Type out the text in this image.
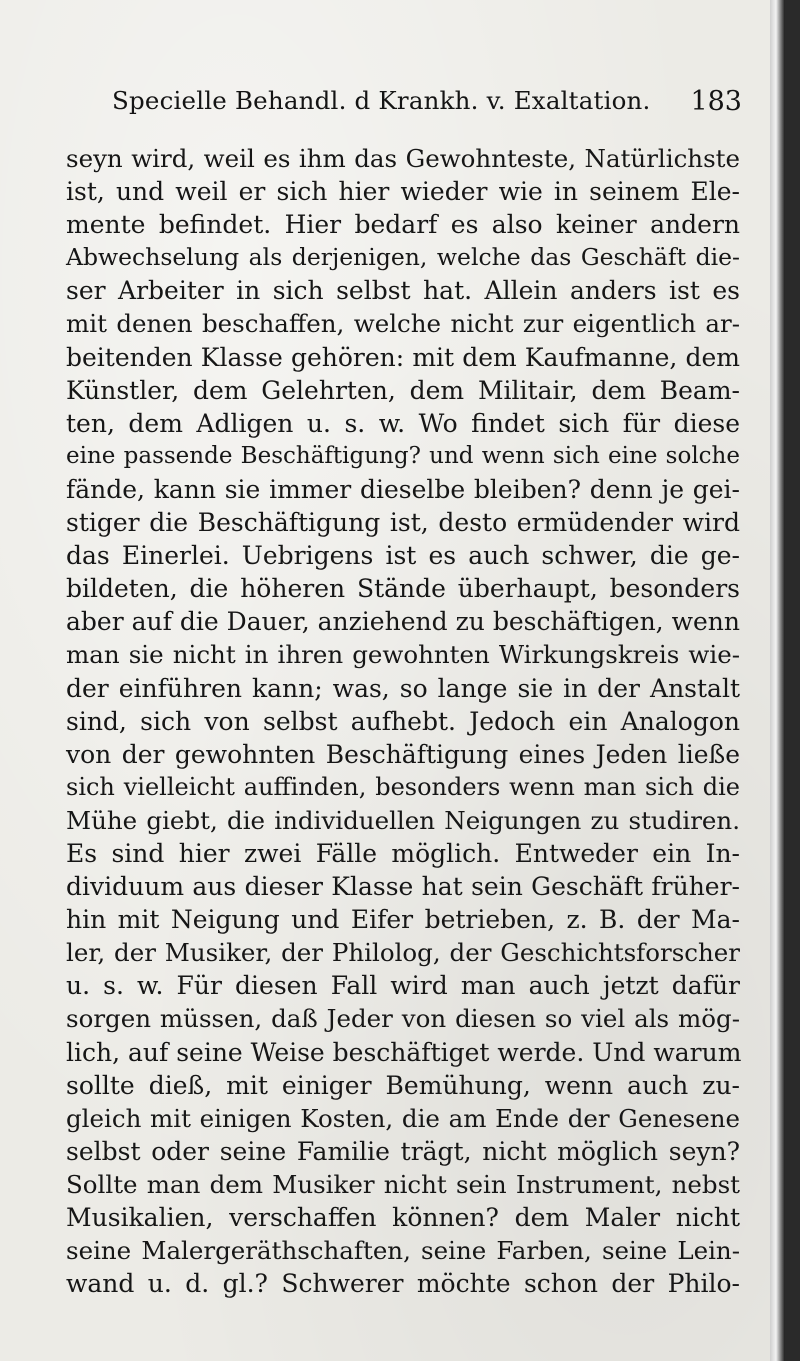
Specielle Behandl. d Krankh. v. Exaltation. 183
seyn wird, weil es ihm das Gewohnteste, Natürlichste
ist, und weil er sich hier wieder wie in seinem Ele-
mente befindet. Hier bedarf es also keiner andern
Abwechselung als derjenigen, welche das Geschäft die-
ser Arbeiter in sich selbst hat. Allein anders ist es
mit denen beschaffen, welche nicht zur eigentlich ar-
beitenden Klasse gehören: mit dem Kaufmanne, dem
Künstler, dem Gelehrten, dem Militair, dem Beam-
ten, dem Adligen u. s. w. Wo findet sich für diese
eine passende Beschäftigung? und wenn sich eine solche
fände, kann sie immer dieselbe bleiben? denn je gei-
stiger die Beschäftigung ist, desto ermüdender wird
das Einerlei. Uebrigens ist es auch schwer, die ge-
bildeten, die höheren Stände überhaupt, besonders
aber auf die Dauer, anziehend zu beschäftigen, wenn
man sie nicht in ihren gewohnten Wirkungskreis wie-
der einführen kann; was, so lange sie in der Anstalt
sind, sich von selbst aufhebt. Jedoch ein Analogon
von der gewohnten Beschäftigung eines Jeden ließe
sich vielleicht auffinden, besonders wenn man sich die
Mühe giebt, die individuellen Neigungen zu studiren.
Es sind hier zwei Fälle möglich. Entweder ein In-
dividuum aus dieser Klasse hat sein Geschäft früher-
hin mit Neigung und Eifer betrieben, z. B. der Ma-
ler, der Musiker, der Philolog, der Geschichtsforscher
u. s. w. Für diesen Fall wird man auch jetzt dafür
sorgen müssen, daß Jeder von diesen so viel als mög-
lich, auf seine Weise beschäftiget werde. Und warum
sollte dieß, mit einiger Bemühung, wenn auch zu-
gleich mit einigen Kosten, die am Ende der Genesene
selbst oder seine Familie trägt, nicht möglich seyn?
Sollte man dem Musiker nicht sein Instrument, nebst
Musikalien, verschaffen können? dem Maler nicht
seine Malergeräthschaften, seine Farben, seine Lein-
wand u. d. gl.? Schwerer möchte schon der Philo-
